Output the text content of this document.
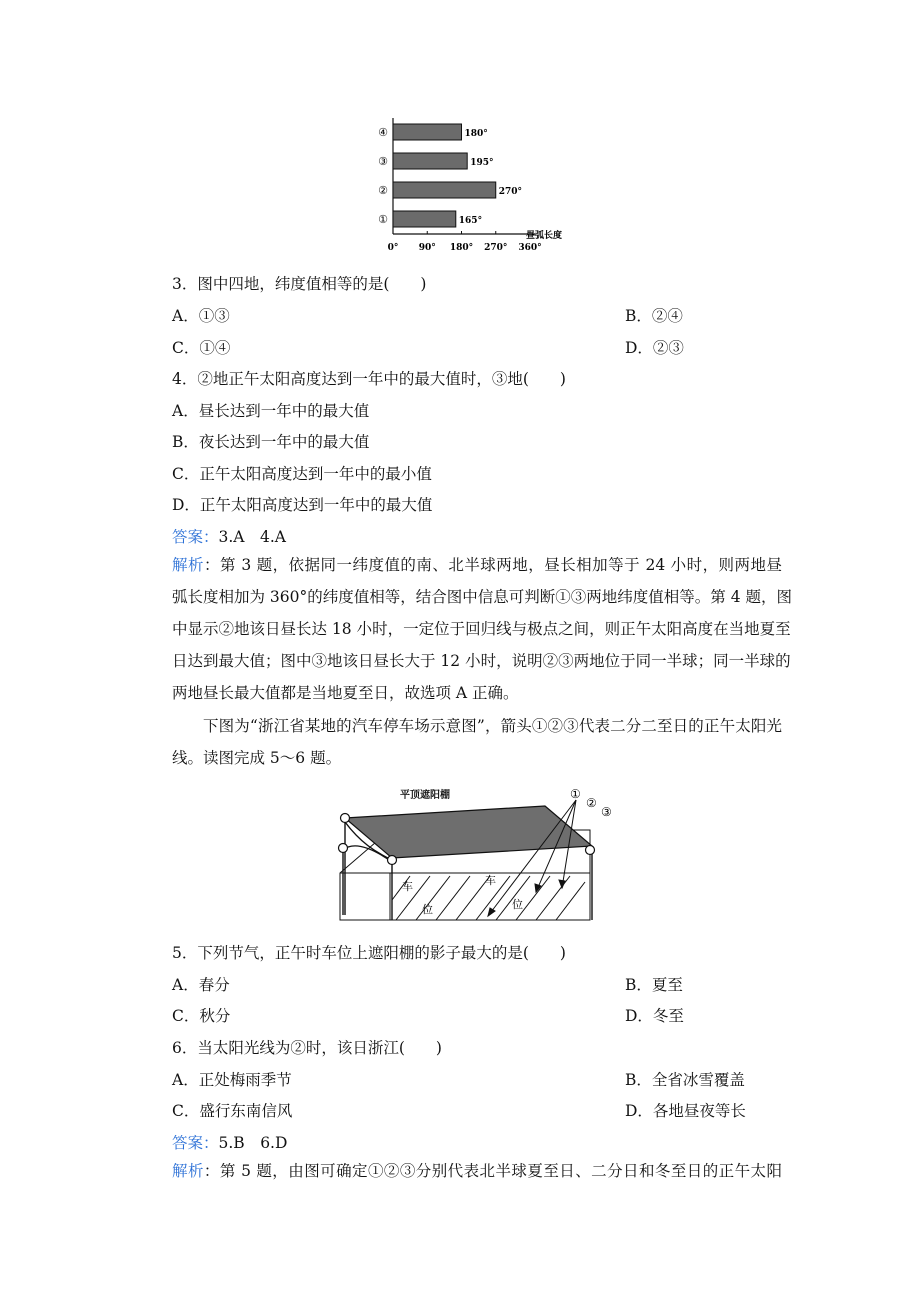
昼弧长度
0° 90° 180° 270° 360°
④	180°
③	195°
②	270°
①	165°
3．图中四地，纬度值相等的是(　　)
A．①③	B．②④
C．①④	D．②③
4．②地正午太阳高度达到一年中的最大值时，③地(　　)
A．昼长达到一年中的最大值
B．夜长达到一年中的最大值
C．正午太阳高度达到一年中的最小值
D．正午太阳高度达到一年中的最大值
答案：3.A　4.A
解析：第 3 题，依据同一纬度值的南、北半球两地，昼长相加等于 24 小时，则两地昼
弧长度相加为 360°的纬度值相等，结合图中信息可判断①③两地纬度值相等。第 4 题，图
中显示②地该日昼长达 18 小时，一定位于回归线与极点之间，则正午太阳高度在当地夏至
日达到最大值；图中③地该日昼长大于 12 小时，说明②③两地位于同一半球；同一半球的
两地昼长最大值都是当地夏至日，故选项 A 正确。
下图为“浙江省某地的汽车停车场示意图”，箭头①②③代表二分二至日的正午太阳光
线。读图完成 5～6 题。
平顶遮阳棚
车
位
车
位
①
②
③
5．下列节气，正午时车位上遮阳棚的影子最大的是(　　)
A．春分	B．夏至
C．秋分	D．冬至
6．当太阳光线为②时，该日浙江(　　)
A．正处梅雨季节	B．全省冰雪覆盖
C．盛行东南信风	D．各地昼夜等长
答案：5.B　6.D
解析：第 5 题，由图可确定①②③分别代表北半球夏至日、二分日和冬至日的正午太阳
